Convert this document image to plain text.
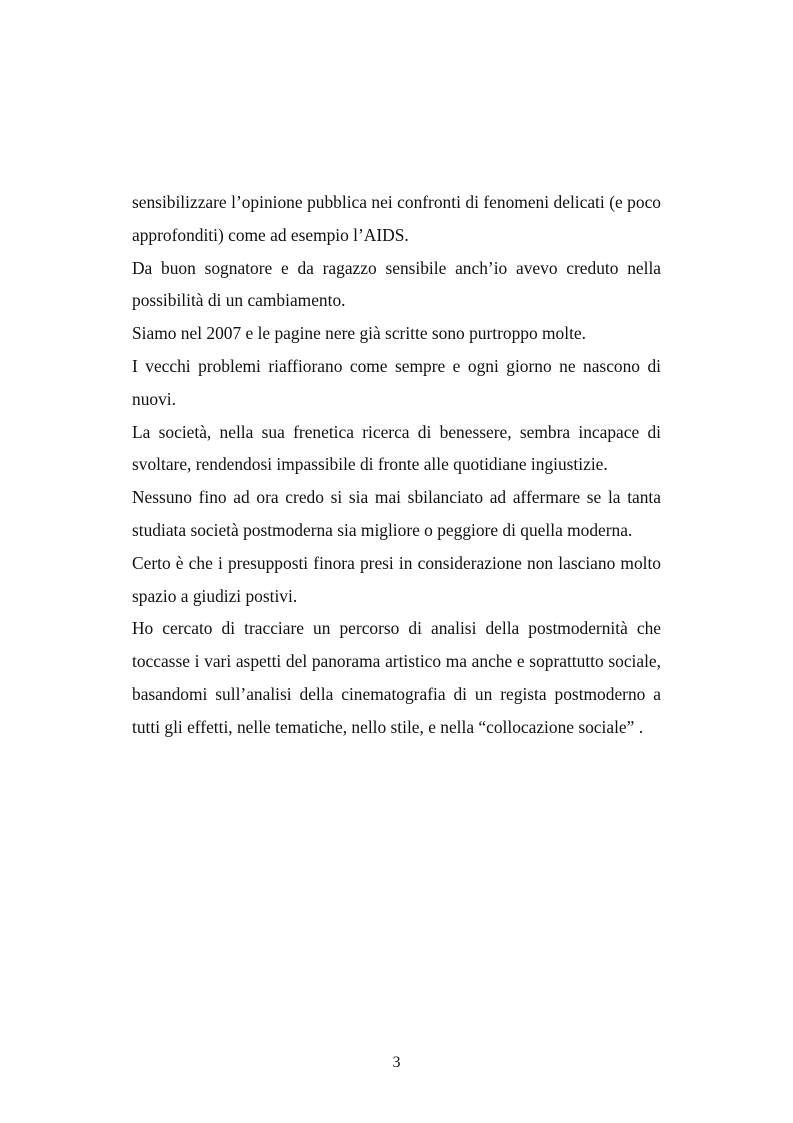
sensibilizzare l’opinione pubblica nei confronti di fenomeni delicati (e poco approfonditi) come ad esempio l’AIDS.

Da buon sognatore e da ragazzo sensibile anch’io avevo creduto nella possibilità di un cambiamento.

Siamo nel 2007 e le pagine nere già scritte sono purtroppo molte.

I vecchi problemi riaffiorano come sempre e ogni giorno ne nascono di nuovi.

La società, nella sua frenetica ricerca di benessere, sembra incapace di svoltare, rendendosi impassibile di fronte alle quotidiane ingiustizie.

Nessuno fino ad ora credo si sia mai sbilanciato ad affermare se la tanta studiata società postmoderna sia migliore o peggiore di quella moderna.

Certo è che i presupposti finora presi in considerazione non lasciano molto spazio a giudizi postivi.

Ho cercato di tracciare un percorso di analisi della postmodernità che toccasse i vari aspetti del panorama artistico ma anche e soprattutto sociale, basandomi sull’analisi della cinematografia di un regista postmoderno a tutti gli effetti, nelle tematiche, nello stile, e nella “collocazione sociale” .

3
